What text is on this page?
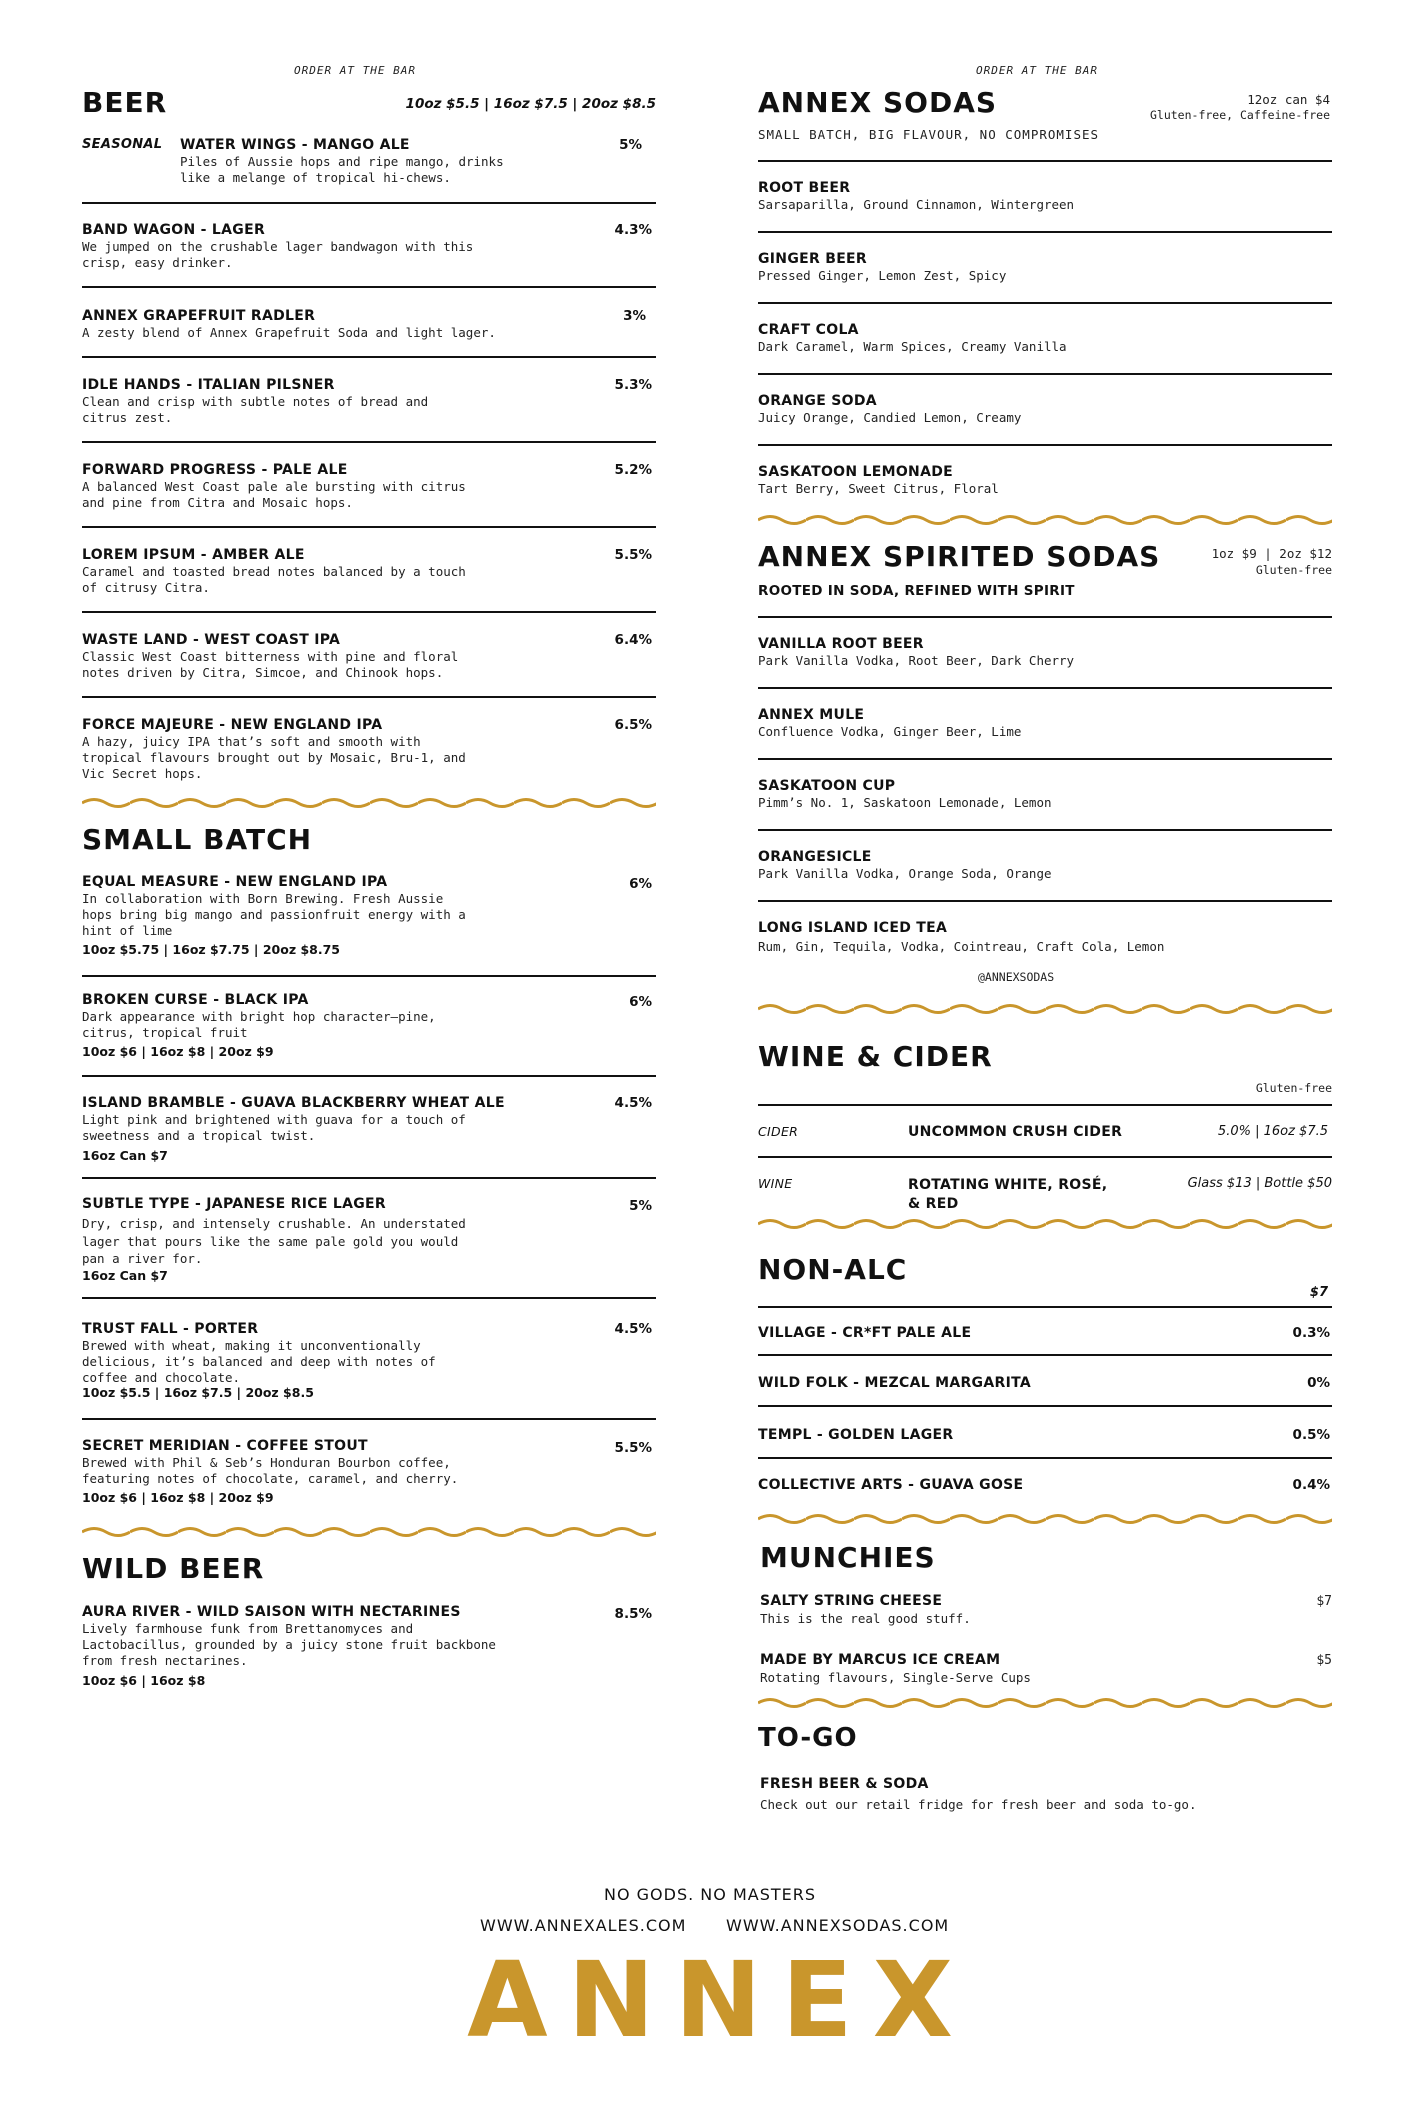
ORDER AT THE BAR
BEER	10oz $5.5 | 16oz $7.5 | 20oz $8.5
SEASONAL WATER WINGS - MANGO ALE
Piles of Aussie hops and ripe mango, drinks
like a melange of tropical hi-chews.
5%
BAND WAGON - LAGER
We jumped on the crushable lager bandwagon with this
crisp, easy drinker.
4.3%
ANNEX GRAPEFRUIT RADLER
A zesty blend of Annex Grapefruit Soda and light lager.
3%
IDLE HANDS - ITALIAN PILSNER
Clean and crisp with subtle notes of bread and
citrus zest.
5.3%
FORWARD PROGRESS - PALE ALE
A balanced West Coast pale ale bursting with citrus
and pine from Citra and Mosaic hops.
5.2%
LOREM IPSUM - AMBER ALE
Caramel and toasted bread notes balanced by a touch
of citrusy Citra.
5.5%
WASTE LAND - WEST COAST IPA
Classic West Coast bitterness with pine and floral
notes driven by Citra, Simcoe, and Chinook hops.
6.4%
FORCE MAJEURE - NEW ENGLAND IPA
A hazy, juicy IPA that’s soft and smooth with
tropical flavours brought out by Mosaic, Bru-1, and
Vic Secret hops.
6.5%
SMALL BATCH
EQUAL MEASURE - NEW ENGLAND IPA
In collaboration with Born Brewing. Fresh Aussie
hops bring big mango and passionfruit energy with a
hint of lime
10oz $5.75 | 16oz $7.75 | 20oz $8.75
6%
BROKEN CURSE - BLACK IPA
Dark appearance with bright hop character–pine,
citrus, tropical fruit
10oz $6 | 16oz $8 | 20oz $9
6%
ISLAND BRAMBLE - GUAVA BLACKBERRY WHEAT ALE
Light pink and brightened with guava for a touch of
sweetness and a tropical twist.
16oz Can $7
4.5%
SUBTLE TYPE - JAPANESE RICE LAGER
Dry, crisp, and intensely crushable. An understated
lager that pours like the same pale gold you would
pan a river for.
16oz Can $7
5%
TRUST FALL - PORTER
Brewed with wheat, making it unconventionally
delicious, it’s balanced and deep with notes of
coffee and chocolate.
10oz $5.5 | 16oz $7.5 | 20oz $8.5
4.5%
SECRET MERIDIAN - COFFEE STOUT
Brewed with Phil & Seb’s Honduran Bourbon coffee,
featuring notes of chocolate, caramel, and cherry.
10oz $6 | 16oz $8 | 20oz $9
5.5%
WILD BEER
AURA RIVER - WILD SAISON WITH NECTARINES
Lively farmhouse funk from Brettanomyces and
Lactobacillus, grounded by a juicy stone fruit backbone
from fresh nectarines.
10oz $6 | 16oz $8
8.5%
ORDER AT THE BAR
ANNEX SODAS	12oz can $4
Gluten-free, Caffeine-free
SMALL BATCH, BIG FLAVOUR, NO COMPROMISES
ROOT BEER
Sarsaparilla, Ground Cinnamon, Wintergreen
GINGER BEER
Pressed Ginger, Lemon Zest, Spicy
CRAFT COLA
Dark Caramel, Warm Spices, Creamy Vanilla
ORANGE SODA
Juicy Orange, Candied Lemon, Creamy
SASKATOON LEMONADE
Tart Berry, Sweet Citrus, Floral
ANNEX SPIRITED SODAS	1oz $9 | 2oz $12
Gluten-free
ROOTED IN SODA, REFINED WITH SPIRIT
VANILLA ROOT BEER
Park Vanilla Vodka, Root Beer, Dark Cherry
ANNEX MULE
Confluence Vodka, Ginger Beer, Lime
SASKATOON CUP
Pimm’s No. 1, Saskatoon Lemonade, Lemon
ORANGESICLE
Park Vanilla Vodka, Orange Soda, Orange
LONG ISLAND ICED TEA
Rum, Gin, Tequila, Vodka, Cointreau, Craft Cola, Lemon
@ANNEXSODAS
WINE & CIDER
Gluten-free
CIDER	UNCOMMON CRUSH CIDER	5.0% | 16oz $7.5
WINE	ROTATING WHITE, ROSÉ,
& RED
Glass $13 | Bottle $50
NON-ALC
$7
VILLAGE - CR*FT PALE ALE	0.3%
WILD FOLK - MEZCAL MARGARITA	0%
TEMPL - GOLDEN LAGER	0.5%
COLLECTIVE ARTS - GUAVA GOSE	0.4%
MUNCHIES
SALTY STRING CHEESE
This is the real good stuff.
$7
MADE BY MARCUS ICE CREAM
Rotating flavours, Single-Serve Cups
$5
TO-GO
FRESH BEER & SODA
Check out our retail fridge for fresh beer and soda to-go.
NO GODS. NO MASTERS
WWW.ANNEXALES.COM WWW.ANNEXSODAS.COM
ANNEX
